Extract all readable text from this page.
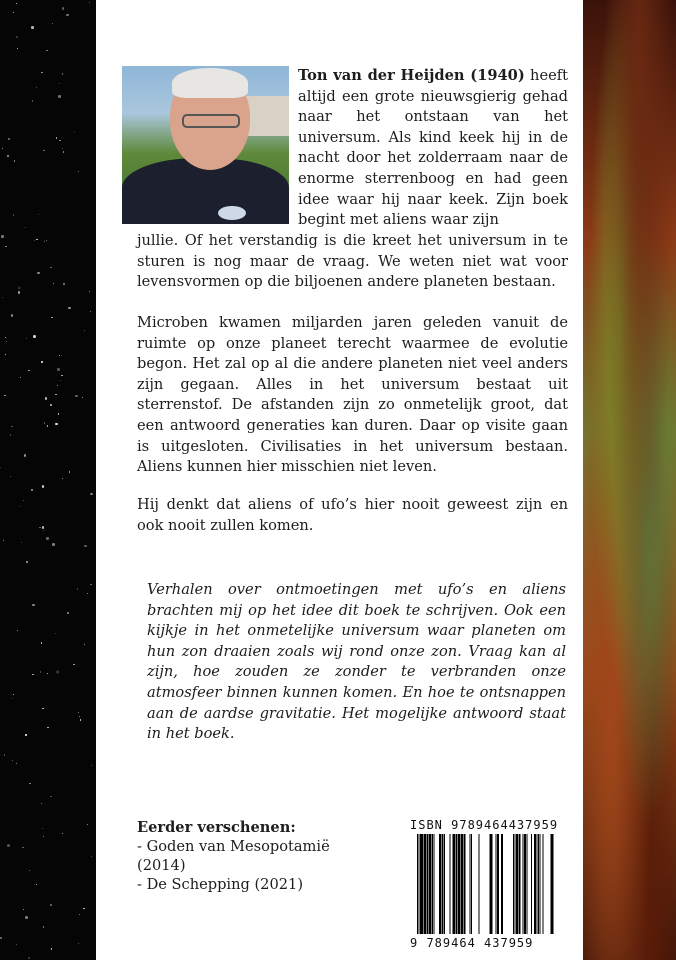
Ton van der Heijden (1940) heeft altijd een grote nieuwsgierig gehad naar het ontstaan van het universum. Als kind keek hij in de nacht door het zolderraam naar de enorme sterrenboog en had geen idee waar hij naar keek. Zijn boek begint met aliens waar zijn
jullie. Of het verstandig is die kreet het universum in te sturen is nog maar de vraag. We weten niet wat voor levensvormen op die biljoenen andere planeten bestaan.
Microben kwamen miljarden jaren geleden vanuit de ruimte op onze planeet terecht waarmee de evolutie begon. Het zal op al die andere planeten niet veel anders zijn gegaan. Alles in het universum bestaat uit sterrenstof. De afstanden zijn zo onmetelijk groot, dat een antwoord generaties kan duren. Daar op visite gaan is uitgesloten. Civilisaties in het universum bestaan. Aliens kunnen hier misschien niet leven.
Hij denkt dat aliens of ufo’s hier nooit geweest zijn en ook nooit zullen komen.
Verhalen over ontmoetingen met ufo’s en aliens brachten mij op het idee dit boek te schrijven. Ook een kijkje in het onmetelijke universum waar planeten om hun zon draaien zoals wij rond onze zon. Vraag kan al zijn, hoe zouden ze zonder te verbranden onze atmosfeer binnen kunnen komen. En hoe te ontsnappen aan de aardse gravitatie. Het mogelijke antwoord staat in het boek.
Eerder verschenen:
- Goden van Mesopotamië (2014)
- De Schepping (2021)
ISBN 9789464437959
9 789464 437959
